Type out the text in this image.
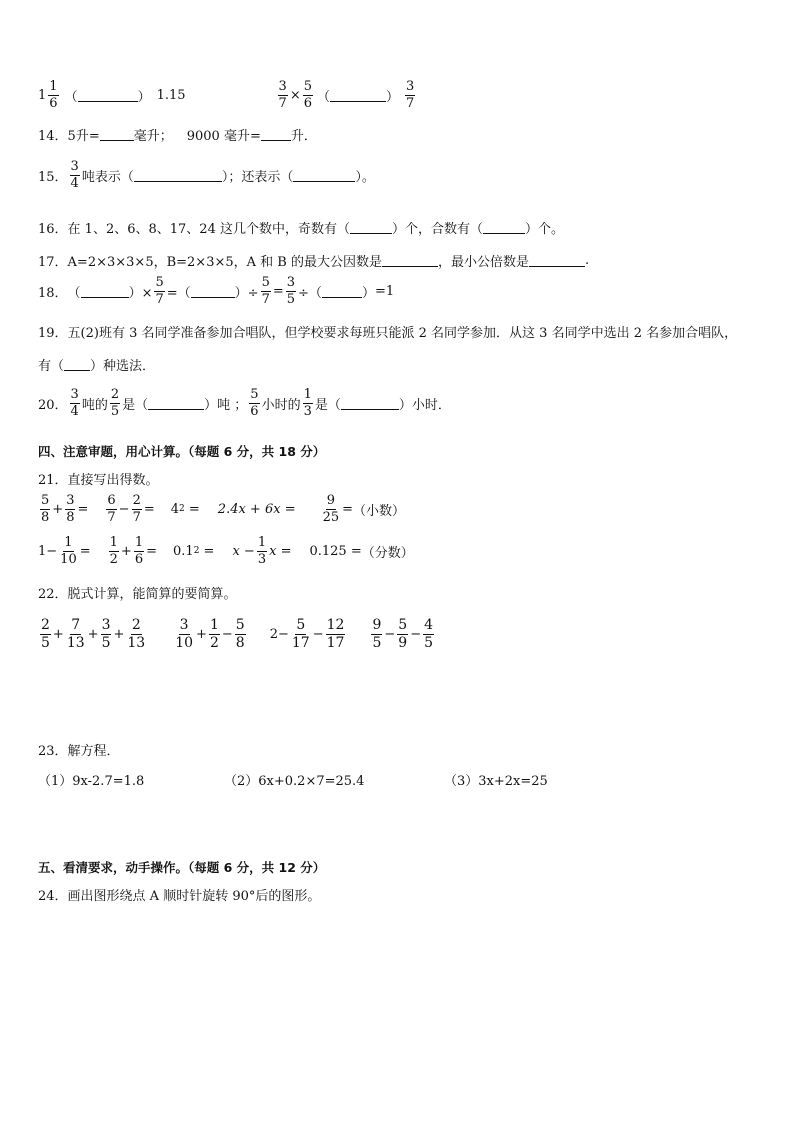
$1 \frac{1}{6}$ （	） 1.15	$\frac{3}{7} \times \frac{5}{6}$ （	） $\frac{3}{7}$
14． 5升=	毫升； 9000 毫升= 升．
15． $\frac{3}{4}$ 吨表示（	）；还表示（	）。
16． 在 1、2、6、8、17、24 这几个数中，奇数有（	）个，合数有（	）个。
17． A=2×3×3×5，B=2×3×5，A 和 B 的最大公因数是	，最小公倍数是	.
18． （	）× $\frac{5}{7}$ =（	）÷ $\frac{5}{7} = \frac{3}{5}$ ÷（	） =1
19． 五(2)班有 3 名同学准备参加合唱队，但学校要求每班只能派 2 名同学参加．从这 3 名同学中选出 2 名参加合唱队，
有（ ）种选法．
20． $\frac{3}{4}$ 吨的 $\frac{2}{5}$ 是（	）吨 ； $\frac{5}{6}$ 小时的 $\frac{1}{3}$ 是（	）小时．
四、注意审题，用心计算。（每题 6 分，共 18 分）
21． 直接写出得数。
$\frac{5}{8} + \frac{3}{8} = \frac{6}{7} - \frac{2}{7} = 4$ $2 = 2.4x + 6x = \frac{9}{25}$ = （小数）
$1- \frac{1}{10} = \frac{1}{2} + \frac{1}{6} = 0.1$ $2 = x - \frac{1}{3}$ x = 0.125 = （分数）
22． 脱式计算，能简算的要简算。
$\frac{2}{5} + \frac{7}{13} + \frac{3}{5} + \frac{2}{13} \frac{3}{10} + \frac{1}{2} - \frac{5}{8} 2- \frac{5}{17} - \frac{12}{17} \frac{9}{5} - \frac{5}{9} - \frac{4}{5}$
23． 解方程．
（1）9x-2.7=1.8	（2）6x+0.2×7=25.4	（3）3x+2x=25
五、看清要求，动手操作。（每题 6 分，共 12 分）
24． 画出图形绕点 A 顺时针旋转 90°后的图形。
